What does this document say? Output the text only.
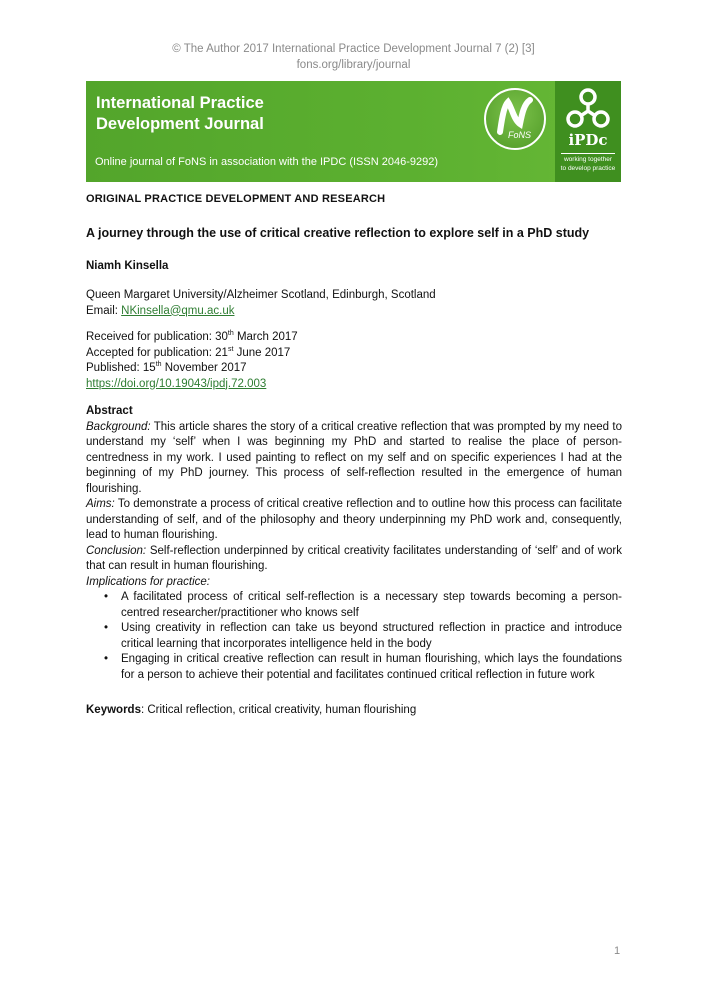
© The Author 2017 International Practice Development Journal 7 (2) [3]
fons.org/library/journal
International Practice
Development Journal
Online journal of FoNS in association with the IPDC (ISSN 2046-9292)
FoNS	iPDc
working together
to develop practice
ORIGINAL PRACTICE DEVELOPMENT AND RESEARCH
A journey through the use of critical creative reflection to explore self in a PhD study
Niamh Kinsella
Queen Margaret University/Alzheimer Scotland, Edinburgh, Scotland
Email: NKinsella@qmu.ac.uk
Received for publication: 30th March 2017
Accepted for publication: 21st June 2017
Published: 15th November 2017
https://doi.org/10.19043/ipdj.72.003

Abstract

Background: This article shares the story of a critical creative reflection that was prompted by my need to understand my ‘self’ when I was beginning my PhD and started to realise the place of person-centredness in my work. I used painting to reflect on my self and on specific experiences I had at the beginning of my PhD journey. This process of self-reflection resulted in the emergence of human flourishing.

Aims: To demonstrate a process of critical creative reflection and to outline how this process can facilitate understanding of self, and of the philosophy and theory underpinning my PhD work and, consequently, lead to human flourishing.

Conclusion: Self-reflection underpinned by critical creativity facilitates understanding of ‘self’ and of work that can result in human flourishing.

Implications for practice:

• A facilitated process of critical self-reflection is a necessary step towards becoming a person-centred researcher/practitioner who knows self
• Using creativity in reflection can take us beyond structured reflection in practice and introduce critical learning that incorporates intelligence held in the body
• Engaging in critical creative reflection can result in human flourishing, which lays the foundations for a person to achieve their potential and facilitates continued critical reflection in future work
Keywords: Critical reflection, critical creativity, human flourishing
1
